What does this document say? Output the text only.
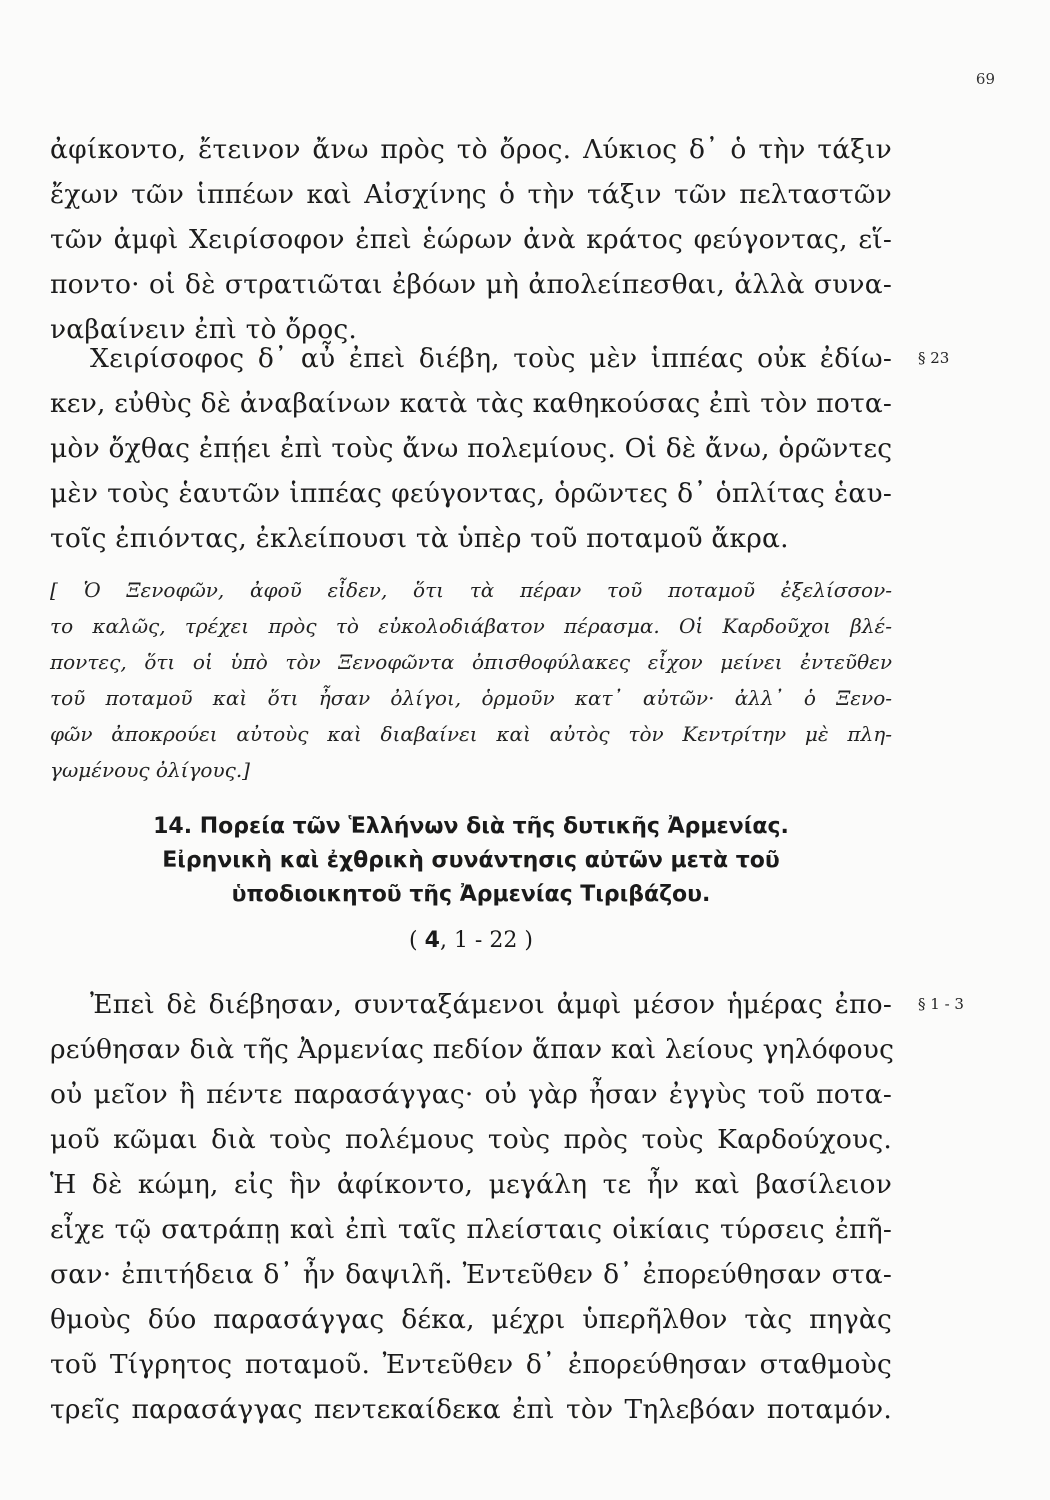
69
ἀφίκοντο, ἔτεινον ἄνω πρὸς τὸ ὄρος. Λύκιος δ᾽ ὁ τὴν τάξιν
ἔχων τῶν ἱππέων καὶ Αἰσχίνης ὁ τὴν τάξιν τῶν πελταστῶν
τῶν ἀμφὶ Χειρίσοφον ἐπεὶ ἑώρων ἀνὰ κράτος φεύγοντας, εἵ-
ποντο· οἱ δὲ στρατιῶται ἐβόων μὴ ἀπολείπεσθαι, ἀλλὰ συνα-
ναβαίνειν ἐπὶ τὸ ὄρος.
Χειρίσοφος δ᾽ αὖ ἐπεὶ διέβη, τοὺς μὲν ἱππέας οὐκ ἐδίω-
κεν, εὐθὺς δὲ ἀναβαίνων κατὰ τὰς καθηκούσας ἐπὶ τὸν ποτα-
μὸν ὄχθας ἐπῄει ἐπὶ τοὺς ἄνω πολεμίους. Οἱ δὲ ἄνω, ὁρῶντες
μὲν τοὺς ἑαυτῶν ἱππέας φεύγοντας, ὁρῶντες δ᾽ ὁπλίτας ἑαυ-
τοῖς ἐπιόντας, ἐκλείπουσι τὰ ὑπὲρ τοῦ ποταμοῦ ἄκρα.
§ 23
[ Ὁ Ξενοφῶν, ἀφοῦ εἶδεν, ὅτι τὰ πέραν τοῦ ποταμοῦ ἐξελίσσον-
το καλῶς, τρέχει πρὸς τὸ εὐκολοδιάβατον πέρασμα. Οἱ Καρδοῦχοι βλέ-
ποντες, ὅτι οἱ ὑπὸ τὸν Ξενοφῶντα ὀπισθοφύλακες εἶχον μείνει ἐντεῦθεν
τοῦ ποταμοῦ καὶ ὅτι ἦσαν ὀλίγοι, ὁρμοῦν κατ᾽ αὐτῶν· ἀλλ᾽ ὁ Ξενο-
φῶν ἀποκρούει αὐτοὺς καὶ διαβαίνει καὶ αὐτὸς τὸν Κεντρίτην μὲ πλη-
γωμένους ὀλίγους.]
14. Πορεία τῶν Ἑλλήνων διὰ τῆς δυτικῆς Ἀρμενίας.
Εἰρηνικὴ καὶ ἐχθρικὴ συνάντησις αὐτῶν μετὰ τοῦ
ὑποδιοικητοῦ τῆς Ἀρμενίας Τιριβάζου.
( 4, 1 - 22 )
Ἐπεὶ δὲ διέβησαν, συνταξάμενοι ἀμφὶ μέσον ἡμέρας ἐπο-
ρεύθησαν διὰ τῆς Ἀρμενίας πεδίον ἅπαν καὶ λείους γηλόφους
οὐ μεῖον ἢ πέντε παρασάγγας· οὐ γὰρ ἦσαν ἐγγὺς τοῦ ποτα-
μοῦ κῶμαι διὰ τοὺς πολέμους τοὺς πρὸς τοὺς Καρδούχους.
Ἡ δὲ κώμη, εἰς ἣν ἀφίκοντο, μεγάλη τε ἦν καὶ βασίλειον
εἶχε τῷ σατράπῃ καὶ ἐπὶ ταῖς πλείσταις οἰκίαις τύρσεις ἐπῆ-
σαν· ἐπιτήδεια δ᾽ ἦν δαψιλῆ. Ἐντεῦθεν δ᾽ ἐπορεύθησαν στα-
θμοὺς δύο παρασάγγας δέκα, μέχρι ὑπερῆλθον τὰς πηγὰς
τοῦ Τίγρητος ποταμοῦ. Ἐντεῦθεν δ᾽ ἐπορεύθησαν σταθμοὺς
τρεῖς παρασάγγας πεντεκαίδεκα ἐπὶ τὸν Τηλεβόαν ποταμόν.
§ 1 - 3
